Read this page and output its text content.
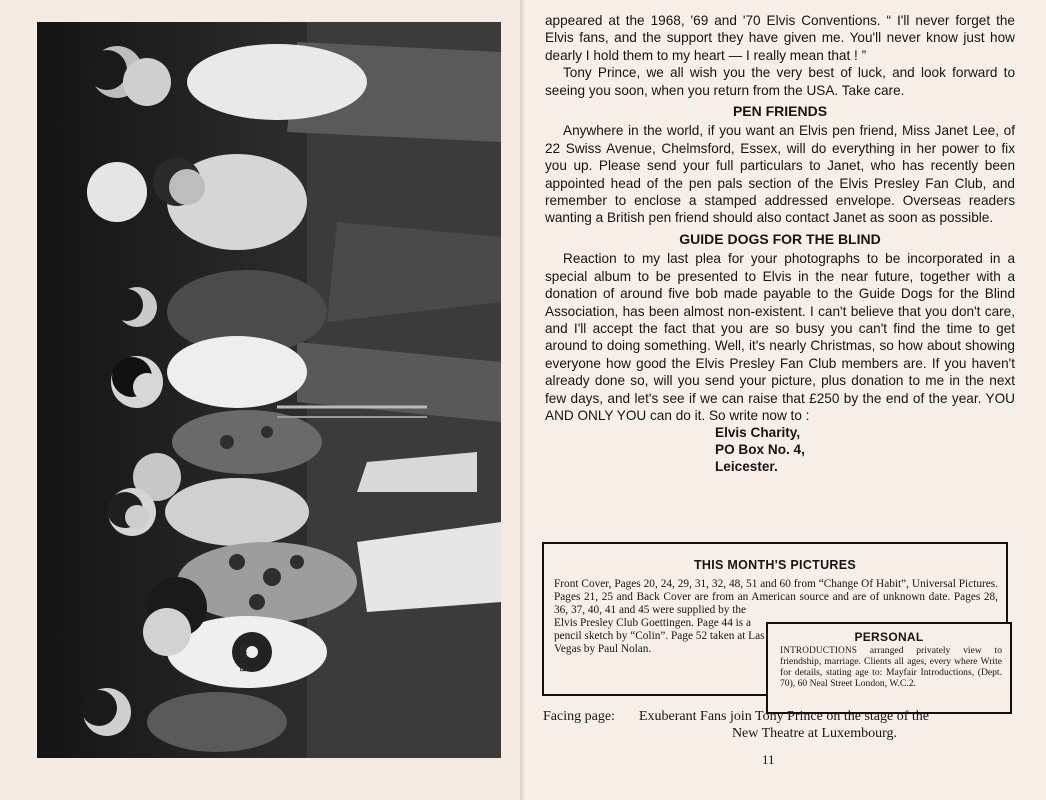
ELVIS

appeared at the 1968, '69 and '70 Elvis Conventions. “ I'll never forget the Elvis fans, and the support they have given me. You'll never know just how dearly I hold them to my heart — I really mean that ! ”

Tony Prince, we all wish you the very best of luck, and look forward to seeing you soon, when you return from the USA. Take care.

PEN FRIENDS

Anywhere in the world, if you want an Elvis pen friend, Miss Janet Lee, of 22 Swiss Avenue, Chelmsford, Essex, will do everything in her power to fix you up. Please send your full particulars to Janet, who has recently been appointed head of the pen pals section of the Elvis Presley Fan Club, and remember to enclose a stamped addressed envelope. Overseas readers wanting a British pen friend should also contact Janet as soon as possible.

GUIDE DOGS FOR THE BLIND

Reaction to my last plea for your photographs to be incorporated in a special album to be presented to Elvis in the near future, together with a donation of around five bob made payable to the Guide Dogs for the Blind Association, has been almost non-existent. I can't believe that you don't care, and I'll accept the fact that you are so busy you can't find the time to get around to doing something. Well, it's nearly Christmas, so how about showing everyone how good the Elvis Presley Fan Club members are. If you haven't already done so, will you send your picture, plus donation to me in the next few days, and let's see if we can raise that £250 by the end of the year. YOU AND ONLY YOU can do it. So write now to :

Elvis Charity,
PO Box No. 4,
Leicester.
THIS MONTH'S PICTURES
Front Cover, Pages 20, 24, 29, 31, 32, 48, 51 and 60 from “Change Of Habit”, Universal Pictures. Pages 21, 25 and Back Cover are from an American source and are of unknown date. Pages 28, 36, 37, 40, 41 and 45 were supplied by the
Elvis Presley Club Goettingen. Page 44 is a pencil sketch by “Colin”. Page 52 taken at Las Vegas by Paul Nolan.
PERSONAL
INTRODUCTIONS arranged privately view to friendship, marriage. Clients all ages, every where Write for details, stating age to: Mayfair Introductions, (Dept. 70), 60 Neal Street London, W.C.2.
Facing page: Exuberant Fans join Tony Prince on the stage of the
New Theatre at Luxembourg.
11
